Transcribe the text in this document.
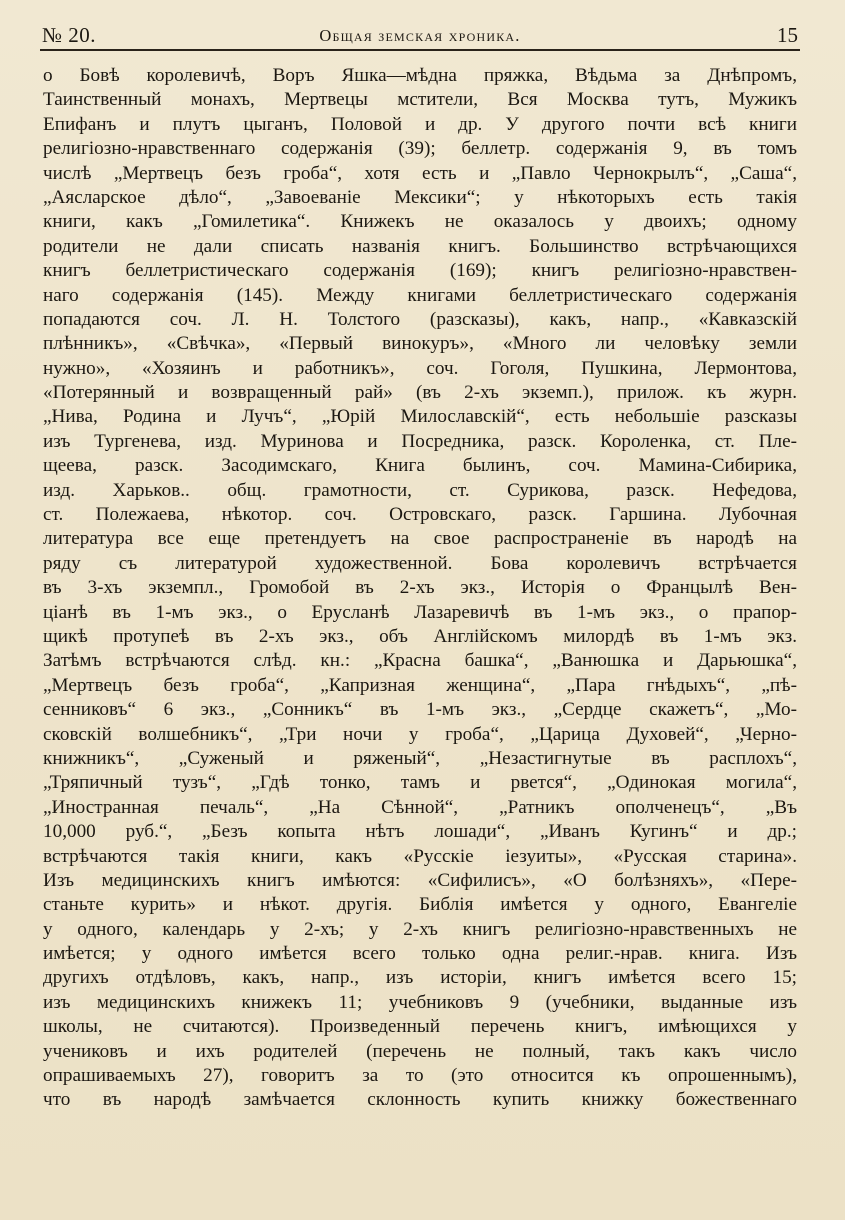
№ 20.	Общая земская хроника.	15
о Бовѣ королевичѣ, Воръ Яшка—мѣдна пряжка, Вѣдьма за Днѣпромъ,
Таинственный монахъ, Мертвецы мстители, Вся Москва тутъ, Мужикъ
Епифанъ и плутъ цыганъ, Половой и др. У другого почти всѣ книги
религіозно-нравственнаго содержанія (39); беллетр. содержанія 9, въ томъ
числѣ „Мертвецъ безъ гроба“, хотя есть и „Павло Чернокрылъ“, „Саша“,
„Аясларское дѣло“, „Завоеваніе Мексики“; у нѣкоторыхъ есть такія
книги, какъ „Гомилетика“. Книжекъ не оказалось у двоихъ; одному
родители не дали списать названія книгъ. Большинство встрѣчающихся
книгъ беллетристическаго содержанія (169); книгъ религіозно-нравствен-
наго содержанія (145). Между книгами беллетристическаго содержанія
попадаются соч. Л. Н. Толстого (разсказы), какъ, напр., «Кавказскій
плѣнникъ», «Свѣчка», «Первый винокуръ», «Много ли человѣку земли
нужно», «Хозяинъ и работникъ», соч. Гоголя, Пушкина, Лермонтова,
«Потерянный и возвращенный рай» (въ 2-хъ экземп.), прилож. къ журн.
„Нива, Родина и Лучъ“, „Юрій Милославскій“, есть небольшіе разсказы
изъ Тургенева, изд. Муринова и Посредника, разск. Короленка, ст. Пле-
щеева, разск. Засодимскаго, Книга былинъ, соч. Мамина-Сибирика,
изд. Харьков.. общ. грамотности, ст. Сурикова, разск. Нефедова,
ст. Полежаева, нѣкотор. соч. Островскаго, разск. Гаршина. Лубочная
литература все еще претендуетъ на свое распространеніе въ народѣ на
ряду съ литературой художественной. Бова королевичъ встрѣчается
въ 3-хъ экземпл., Громобой въ 2-хъ экз., Исторія о Францылѣ Вен-
ціанѣ въ 1-мъ экз., о Еруcланѣ Лазаревичѣ въ 1-мъ экз., о прапор-
щикѣ протупеѣ въ 2-хъ экз., объ Англійскомъ милордѣ въ 1-мъ экз.
Затѣмъ встрѣчаются слѣд. кн.: „Красна башка“, „Ванюшка и Дарьюшка“,
„Мертвецъ безъ гроба“, „Капризная женщина“, „Пара гнѣдыхъ“, „пѣ-
сенниковъ“ 6 экз., „Сонникъ“ въ 1-мъ экз., „Сердце скажетъ“, „Мо-
сковскій волшебникъ“, „Три ночи у гроба“, „Царица Духовей“, „Черно-
книжникъ“, „Суженый и ряженый“, „Незастигнутые въ расплохъ“,
„Тряпичный тузъ“, „Гдѣ тонко, тамъ и рвется“, „Одинокая могила“,
„Иностранная печаль“, „На Сѣнной“, „Ратникъ ополченецъ“, „Въ
10,000 руб.“, „Безъ копыта нѣтъ лошади“, „Иванъ Кугинъ“ и др.;
встрѣчаются такія книги, какъ «Русскіе іезуиты», «Русская старина».
Изъ медицинскихъ книгъ имѣются: «Сифилисъ», «О болѣзняхъ», «Пере-
станьте курить» и нѣкот. другія. Библія имѣется у одного, Евангеліе
у одного, календарь у 2-хъ; у 2-хъ книгъ религіозно-нравственныхъ не
имѣется; у одного имѣется всего только одна религ.-нрав. книга. Изъ
другихъ отдѣловъ, какъ, напр., изъ исторіи, книгъ имѣется всего 15;
изъ медицинскихъ книжекъ 11; учебниковъ 9 (учебники, выданные изъ
школы, не считаются). Произведенный перечень книгъ, имѣющихся у
учениковъ и ихъ родителей (перечень не полный, такъ какъ число
опрашиваемыхъ 27), говоритъ за то (это относится къ опрошеннымъ),
что въ народѣ замѣчается склонность купить книжку божественнаго
